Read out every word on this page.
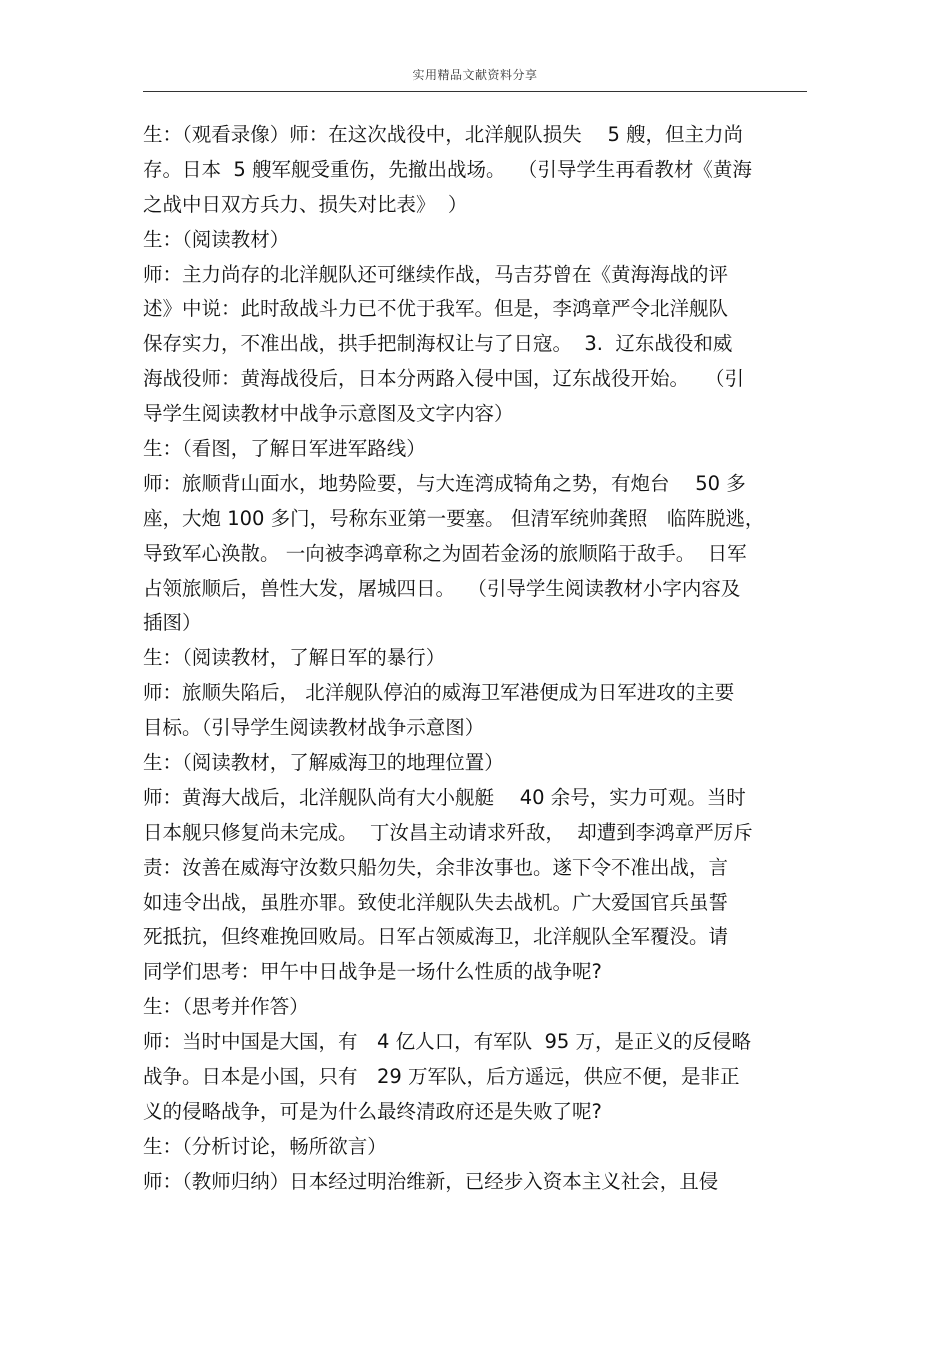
实用精品文献资料分享
生：（观看录像）师：在这次战役中，北洋舰队损失　 5 艘，但主力尚
存。日本  5 艘军舰受重伤，先撤出战场。  （引导学生再看教材《黄海
之战中日双方兵力、损失对比表》  ）
生：（阅读教材）
师：主力尚存的北洋舰队还可继续作战，马吉芬曾在《黄海海战的评
述》中说：此时敌战斗力已不优于我军。但是，李鸿章严令北洋舰队
保存实力，不准出战，拱手把制海权让与了日寇。  3.  辽东战役和威
海战役师：黄海战役后，日本分两路入侵中国，辽东战役开始。　 （引
导学生阅读教材中战争示意图及文字内容）
生：（看图，了解日军进军路线）
师：旅顺背山面水，地势险要，与大连湾成犄角之势，有炮台　 50 多
座，大炮 100 多门，号称东亚第一要塞。 但清军统帅龚照　临阵脱逃，
导致军心涣散。 一向被李鸿章称之为固若金汤的旅顺陷于敌手。  日军
占领旅顺后，兽性大发，屠城四日。  （引导学生阅读教材小字内容及
插图）
生：（阅读教材，了解日军的暴行）
师：旅顺失陷后， 北洋舰队停泊的威海卫军港便成为日军进攻的主要
目标。（引导学生阅读教材战争示意图）
生：（阅读教材，了解威海卫的地理位置）
师：黄海大战后，北洋舰队尚有大小舰艇　 40 余号，实力可观。当时
日本舰只修复尚未完成。  丁汝昌主动请求歼敌，  却遭到李鸿章严厉斥
责：汝善在威海守汝数只船勿失，余非汝事也。遂下令不准出战，言
如违令出战，虽胜亦罪。致使北洋舰队失去战机。广大爱国官兵虽誓
死抵抗，但终难挽回败局。日军占领威海卫，北洋舰队全军覆没。请
同学们思考：甲午中日战争是一场什么性质的战争呢?
生：（思考并作答）
师：当时中国是大国，有　4 亿人口，有军队  95 万，是正义的反侵略
战争。日本是小国，只有　29 万军队，后方遥远，供应不便，是非正
义的侵略战争，可是为什么最终清政府还是失败了呢?
生：（分析讨论，畅所欲言）
师：（教师归纳）日本经过明治维新，已经步入资本主义社会，且侵
